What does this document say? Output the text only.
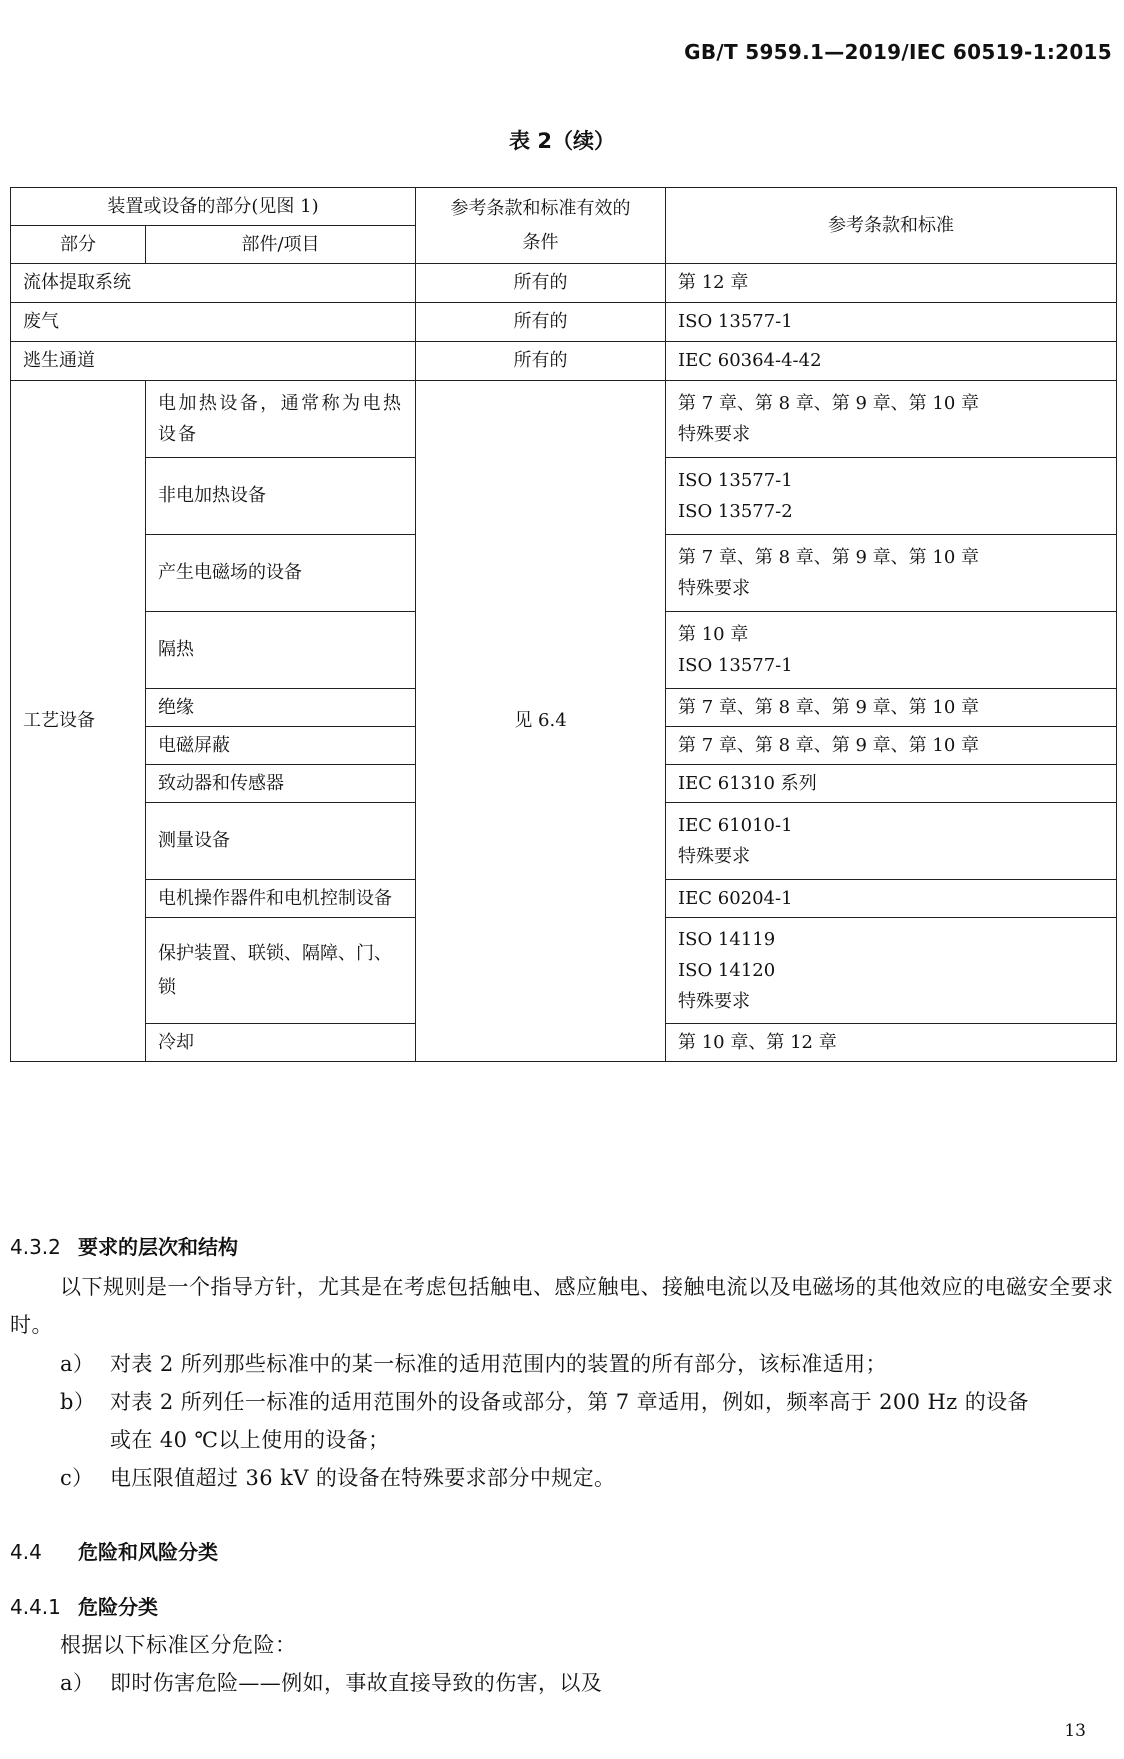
GB/T 5959.1—2019/IEC 60519-1:2015
表 2（续）
装置或设备的部分(见图 1)		参考条款和标准有效的条件	参考条款和标准
部分	部件/项目		
流体提取系统		所有的	第 12 章
废气		所有的	ISO 13577-1
逃生通道		所有的	IEC 60364-4-42
工艺设备	电加热设备，通常称为电热设备	见 6.4	第 7 章、第 8 章、第 9 章、第 10 章
特殊要求

	非电加热设备		ISO 13577-1
ISO 13577-2

	产生电磁场的设备		第 7 章、第 8 章、第 9 章、第 10 章
特殊要求

	隔热		第 10 章
ISO 13577-1

	绝缘		第 7 章、第 8 章、第 9 章、第 10 章
	电磁屏蔽		第 7 章、第 8 章、第 9 章、第 10 章
	致动器和传感器		IEC 61310 系列
	测量设备		IEC 61010-1
特殊要求

	电机操作器件和电机控制设备		IEC 60204-1
	保护装置、联锁、隔障、门、锁		ISO 14119
ISO 14120
特殊要求

	冷却		第 10 章、第 12 章
4.3.2 要求的层次和结构
以下规则是一个指导方针，尤其是在考虑包括触电、感应触电、接触电流以及电磁场的其他效应的电磁安全要求时。
a） 对表 2 所列那些标准中的某一标准的适用范围内的装置的所有部分，该标准适用；
b） 对表 2 所列任一标准的适用范围外的设备或部分，第 7 章适用，例如，频率高于 200 Hz 的设备
或在 40 ℃以上使用的设备；
c） 电压限值超过 36 kV 的设备在特殊要求部分中规定。
4.4 危险和风险分类
4.4.1 危险分类
根据以下标准区分危险：
a） 即时伤害危险——例如，事故直接导致的伤害，以及
13
